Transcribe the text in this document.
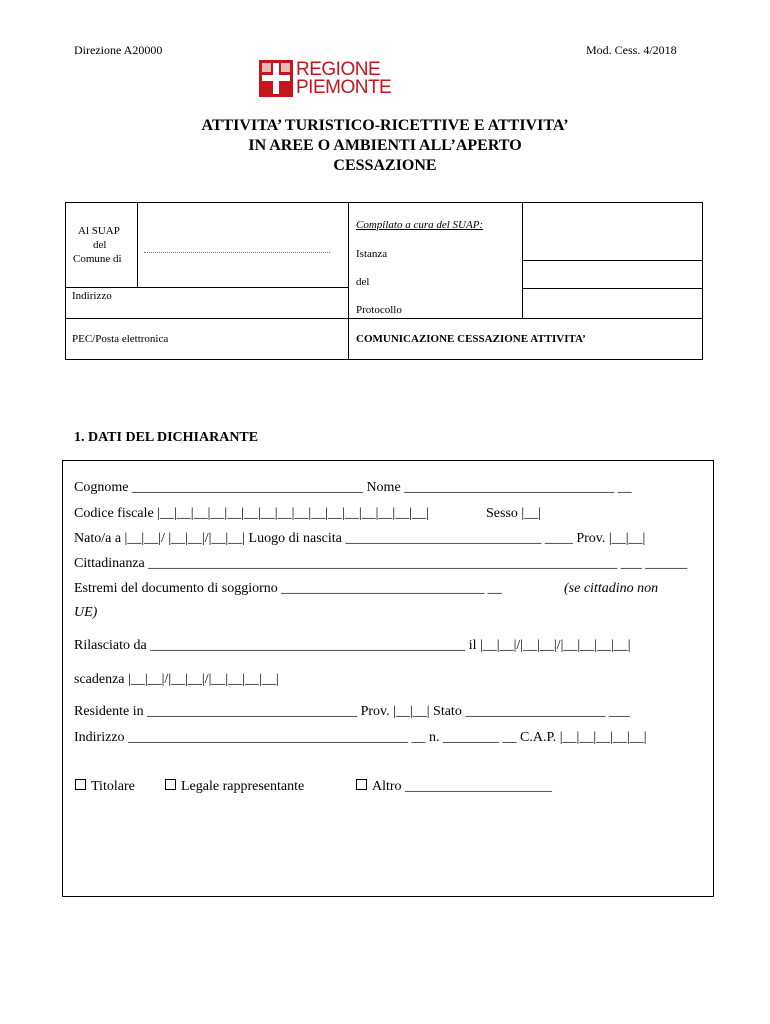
Direzione A20000	Mod. Cess. 4/2018
REGIONE
PIEMONTE
ATTIVITA’ TURISTICO-RICETTIVE E ATTIVITA’
IN AREE O AMBIENTI ALL’APERTO
CESSAZIONE
Al SUAP
del
Comune di
Indirizzo
PEC/Posta elettronica
Compilato a cura del SUAP:
Istanza
del
Protocollo
COMUNICAZIONE CESSAZIONE ATTIVITA’
1. DATI DEL DICHIARANTE
Cognome _________________________________ Nome ______________________________ __
Codice fiscale |__|__|__|__|__|__|__|__|__|__|__|__|__|__|__|__|	Sesso |__|
Nato/a a |__|__|/ |__|__|/|__|__| Luogo di nascita ____________________________ ____ Prov. |__|__|
Cittadinanza ___________________________________________________________________ ___ ______
Estremi del documento di soggiorno _____________________________ __	(se cittadino non
UE)
Rilasciato da _____________________________________________ il |__|__|/|__|__|/|__|__|__|__|
scadenza |__|__|/|__|__|/|__|__|__|__|
Residente in ______________________________ Prov. |__|__| Stato ____________________ ___
Indirizzo ________________________________________ __ n. ________ __ C.A.P. |__|__|__|__|__|
Titolare	Legale rappresentante	Altro _____________________
